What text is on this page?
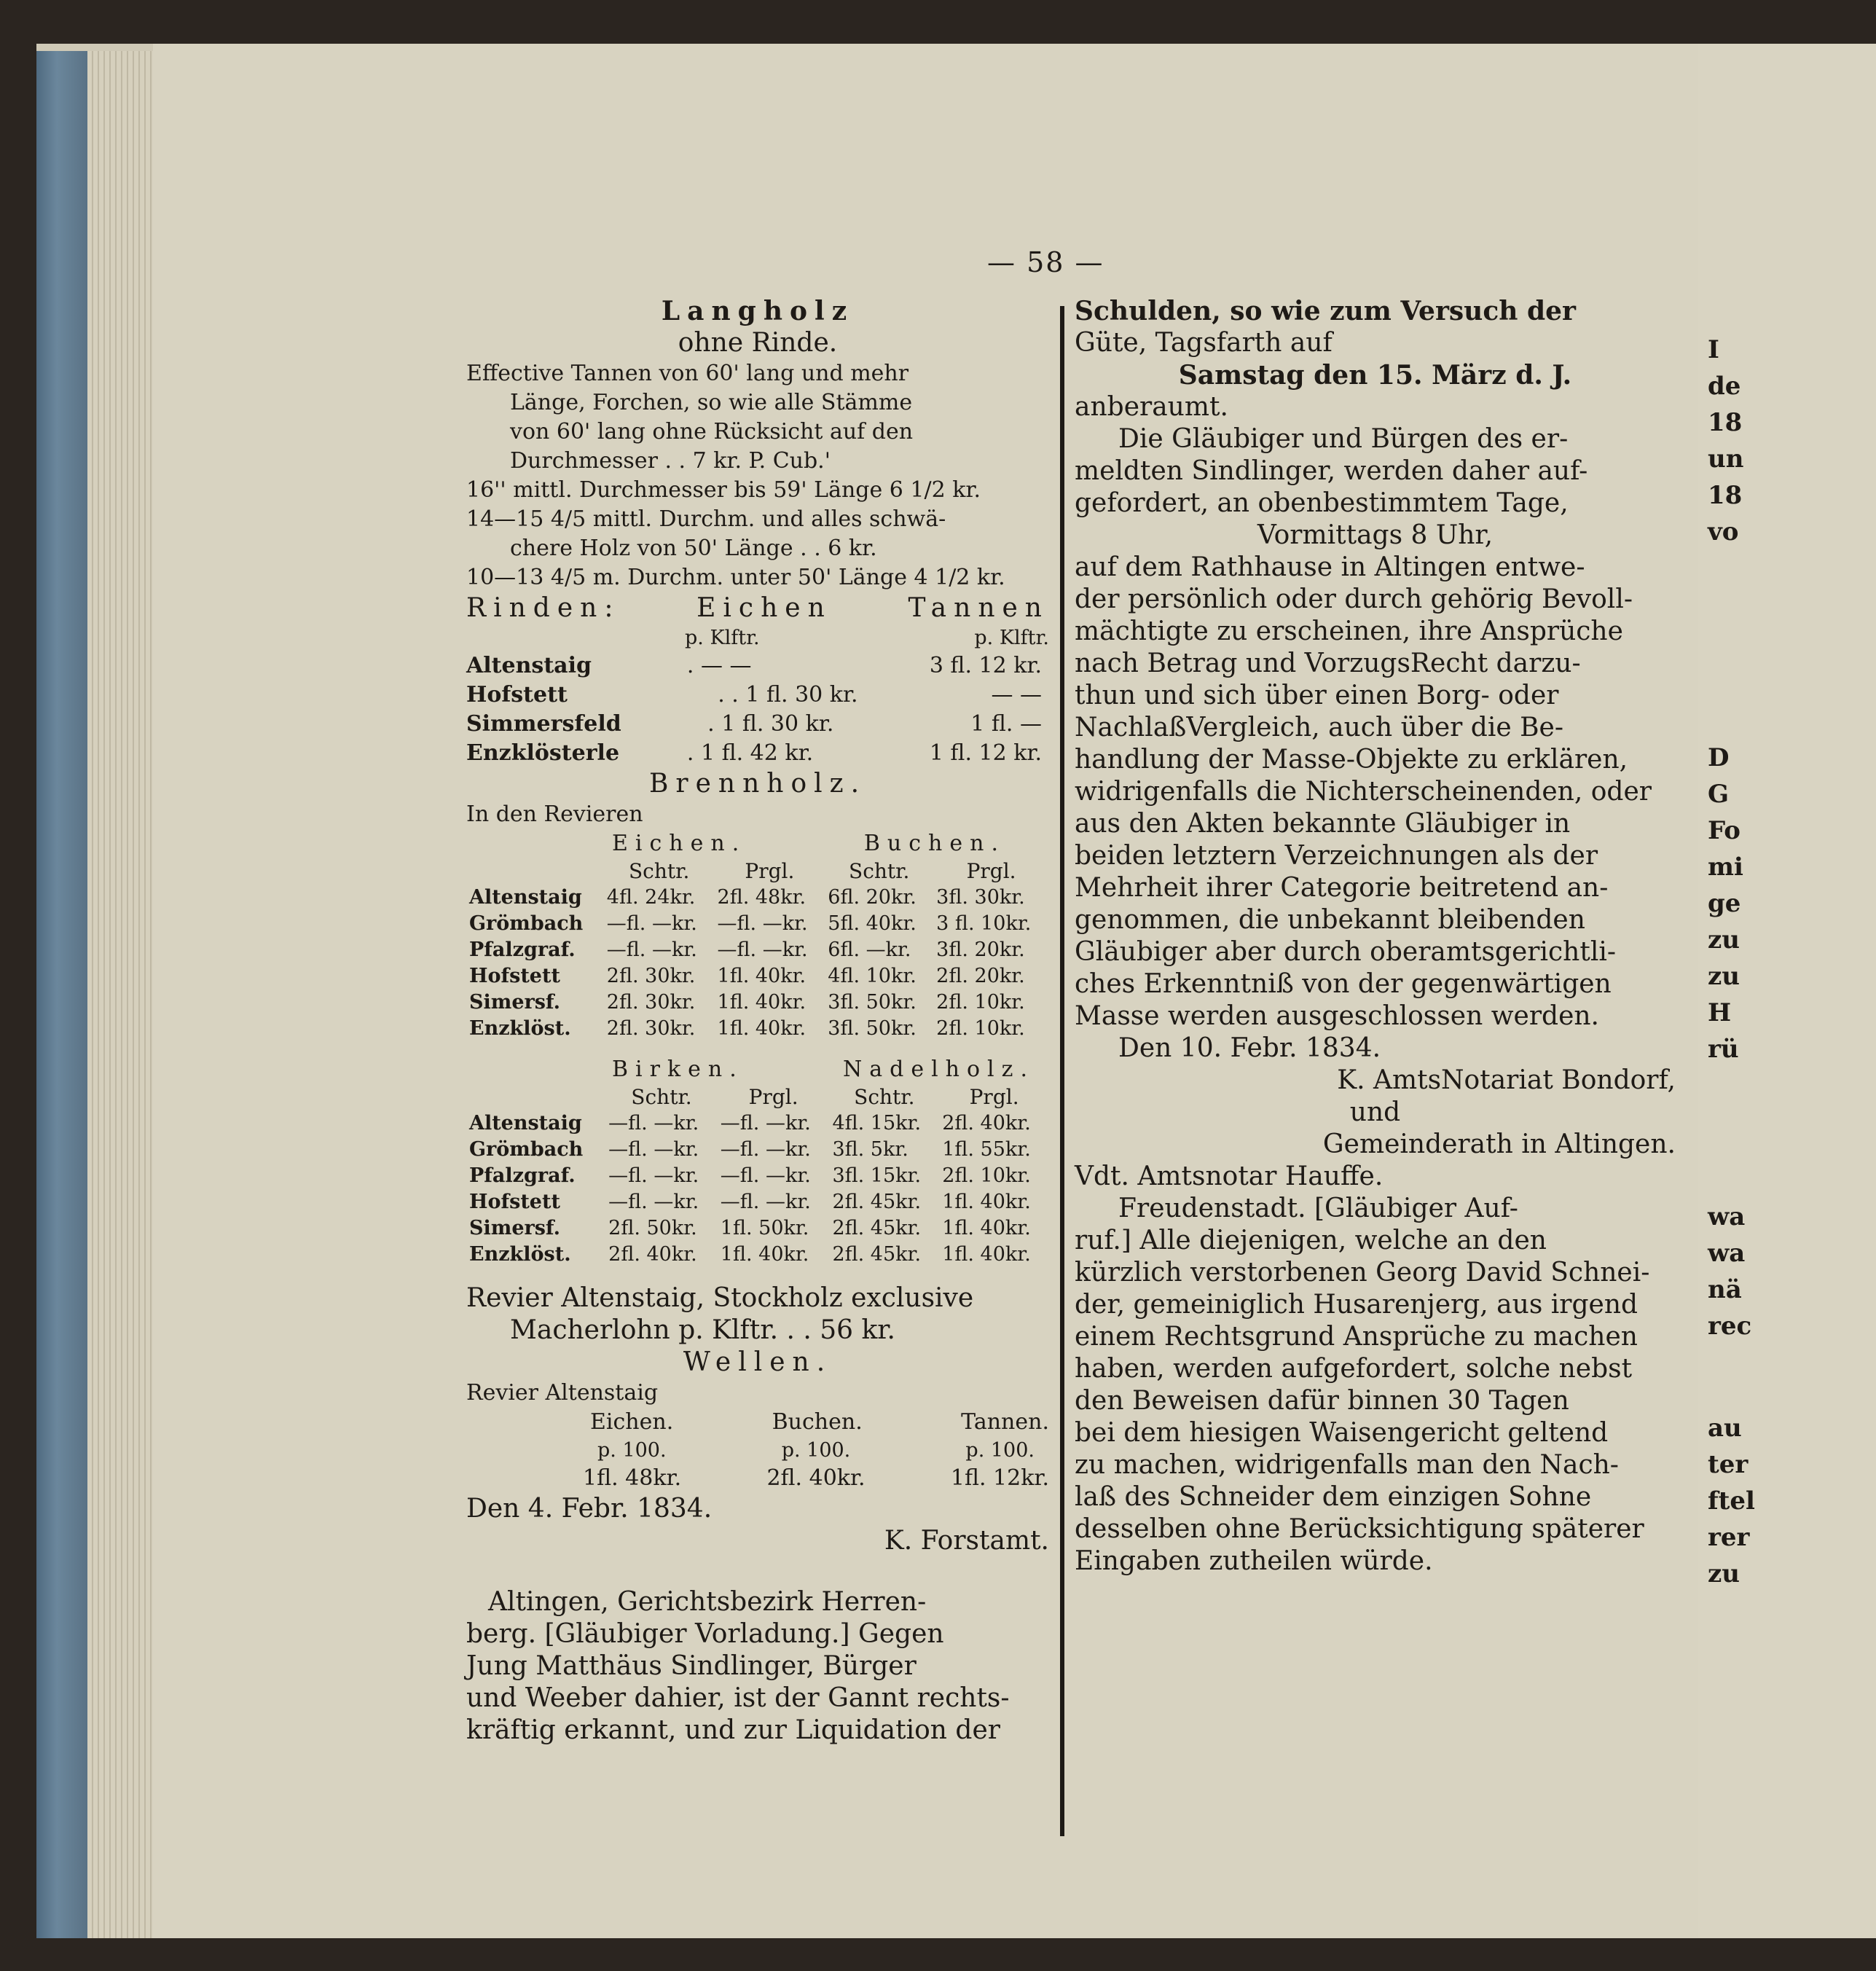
— 58 —
Langholz
ohne Rinde.
Effective Tannen von 60' lang und mehr
Länge, Forchen, so wie alle Stämme
von 60' lang ohne Rücksicht auf den
Durchmesser . . 7 kr. P. Cub.'
16'' mittl. Durchmesser bis 59' Länge 6 1/2 kr.
14—15 4/5 mittl. Durchm. und alles schwä-
chere Holz von 50' Länge . . 6 kr.
10—13 4/5 m. Durchm. unter 50' Länge 4 1/2 kr.
Rinden:	Eichen	Tannen
p. Klftr.	p. Klftr.
Altenstaig	. — —	3 fl. 12 kr.
Hofstett	. . 1 fl. 30 kr.	— —
Simmersfeld	. 1 fl. 30 kr.	1 fl. —
Enzklösterle	. 1 fl. 42 kr.	1 fl. 12 kr.
Brennholz.
In den Revieren
Eichen.	Buchen.
	Schtr.	Prgl.	Schtr.	Prgl.
Altenstaig	4fl. 24kr.	2fl. 48kr.	6fl. 20kr.	3fl. 30kr.
Grömbach	—fl. —kr.	—fl. —kr.	5fl. 40kr.	3 fl. 10kr.
Pfalzgraf.	—fl. —kr.	—fl. —kr.	6fl. —kr.	3fl. 20kr.
Hofstett	2fl. 30kr.	1fl. 40kr.	4fl. 10kr.	2fl. 20kr.
Simersf.	2fl. 30kr.	1fl. 40kr.	3fl. 50kr.	2fl. 10kr.
Enzklöst.	2fl. 30kr.	1fl. 40kr.	3fl. 50kr.	2fl. 10kr.
Birken.	Nadelholz.
	Schtr.	Prgl.	Schtr.	Prgl.
Altenstaig	—fl. —kr.	—fl. —kr.	4fl. 15kr.	2fl. 40kr.
Grömbach	—fl. —kr.	—fl. —kr.	3fl. 5kr.	1fl. 55kr.
Pfalzgraf.	—fl. —kr.	—fl. —kr.	3fl. 15kr.	2fl. 10kr.
Hofstett	—fl. —kr.	—fl. —kr.	2fl. 45kr.	1fl. 40kr.
Simersf.	2fl. 50kr.	1fl. 50kr.	2fl. 45kr.	1fl. 40kr.
Enzklöst.	2fl. 40kr.	1fl. 40kr.	2fl. 45kr.	1fl. 40kr.
Revier Altenstaig, Stockholz exclusive
Macherlohn p. Klftr. . . 56 kr.
Wellen.
Revier Altenstaig
Eichen.	Buchen.	Tannen.
p. 100.	p. 100.	p. 100.
1fl. 48kr.	2fl. 40kr.	1fl. 12kr.
Den 4. Febr. 1834.
K. Forstamt.
Altingen, Gerichtsbezirk Herren-
berg. [Gläubiger Vorladung.] Gegen
Jung Matthäus Sindlinger, Bürger
und Weeber dahier, ist der Gannt rechts-
kräftig erkannt, und zur Liquidation der
Schulden, so wie zum Versuch der
Güte, Tagsfarth auf
Samstag den 15. März d. J.
anberaumt.
Die Gläubiger und Bürgen des er-
meldten Sindlinger, werden daher auf-
gefordert, an obenbestimmtem Tage,
Vormittags 8 Uhr,
auf dem Rathhause in Altingen entwe-
der persönlich oder durch gehörig Bevoll-
mächtigte zu erscheinen, ihre Ansprüche
nach Betrag und VorzugsRecht darzu-
thun und sich über einen Borg- oder
NachlaßVergleich, auch über die Be-
handlung der Masse-Objekte zu erklären,
widrigenfalls die Nichterscheinenden, oder
aus den Akten bekannte Gläubiger in
beiden letztern Verzeichnungen als der
Mehrheit ihrer Categorie beitretend an-
genommen, die unbekannt bleibenden
Gläubiger aber durch oberamtsgerichtli-
ches Erkenntniß von der gegenwärtigen
Masse werden ausgeschlossen werden.
Den 10. Febr. 1834.
K. AmtsNotariat Bondorf,
und
Gemeinderath in Altingen.
Vdt. Amtsnotar Hauffe.
Freudenstadt. [Gläubiger Auf-
ruf.] Alle diejenigen, welche an den
kürzlich verstorbenen Georg David Schnei-
der, gemeiniglich Husarenjerg, aus irgend
einem Rechtsgrund Ansprüche zu machen
haben, werden aufgefordert, solche nebst
den Beweisen dafür binnen 30 Tagen
bei dem hiesigen Waisengericht geltend
zu machen, widrigenfalls man den Nach-
laß des Schneider dem einzigen Sohne
desselben ohne Berücksichtigung späterer
Eingaben zutheilen würde.
I
de
18
un
18
vo
D
G
Fo
mi
ge
zu
zu
H
rü
wa
wa
nä
rec
au
ter
ftel
rer
zu
